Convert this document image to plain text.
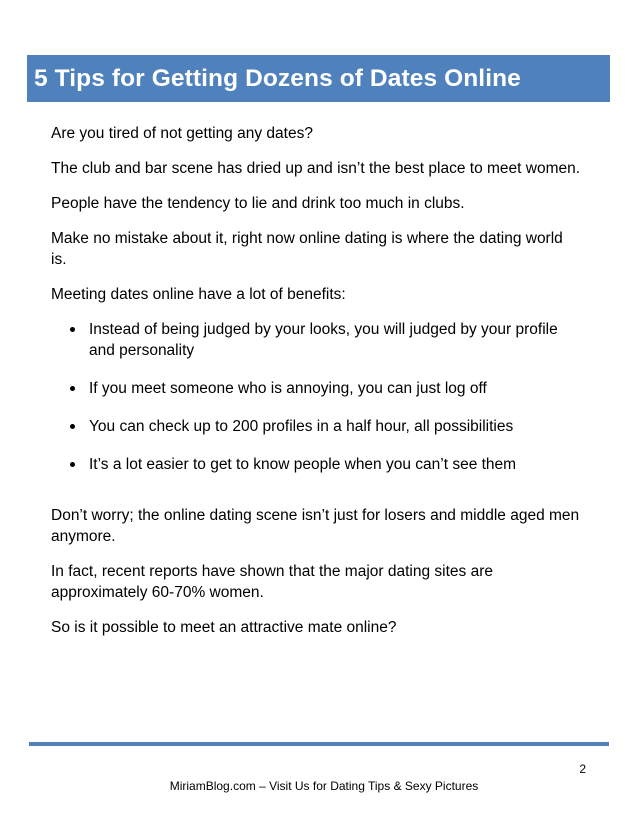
5 Tips for Getting Dozens of Dates Online

Are you tired of not getting any dates?

The club and bar scene has dried up and isn’t the best place to meet women.

People have the tendency to lie and drink too much in clubs.

Make no mistake about it, right now online dating is where the dating world is.

Meeting dates online have a lot of benefits:

Instead of being judged by your looks, you will judged by your profile and personality
If you meet someone who is annoying, you can just log off
You can check up to 200 profiles in a half hour, all possibilities
It’s a lot easier to get to know people when you can’t see them

Don’t worry; the online dating scene isn’t just for losers and middle aged men anymore.

In fact, recent reports have shown that the major dating sites are approximately 60-70% women.

So is it possible to meet an attractive mate online?

2
MiriamBlog.com – Visit Us for Dating Tips & Sexy Pictures
